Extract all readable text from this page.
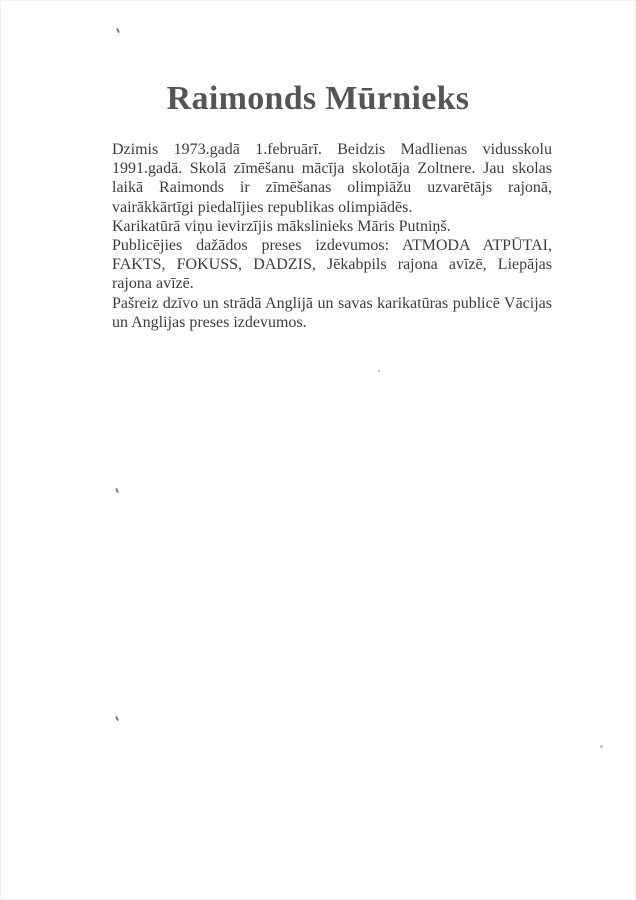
Raimonds Mūrnieks

Dzimis 1973.gadā 1.februārī. Beidzis Madlienas vidusskolu 1991.gadā. Skolā zīmēšanu mācīja skolotāja Zoltnere. Jau skolas laikā Raimonds ir zīmēšanas olimpiāžu uzvarētājs rajonā, vairākkārtīgi piedalījies republikas olimpiādēs.

Karikatūrā viņu ievirzījis mākslinieks Māris Putniņš.

Publicējies dažādos preses izdevumos: ATMODA ATPŪTAI, FAKTS, FOKUSS, DADZIS, Jēkabpils rajona avīzē, Liepājas rajona avīzē.

Pašreiz dzīvo un strādā Anglijā un savas karikatūras publicē Vācijas un Anglijas preses izdevumos.
